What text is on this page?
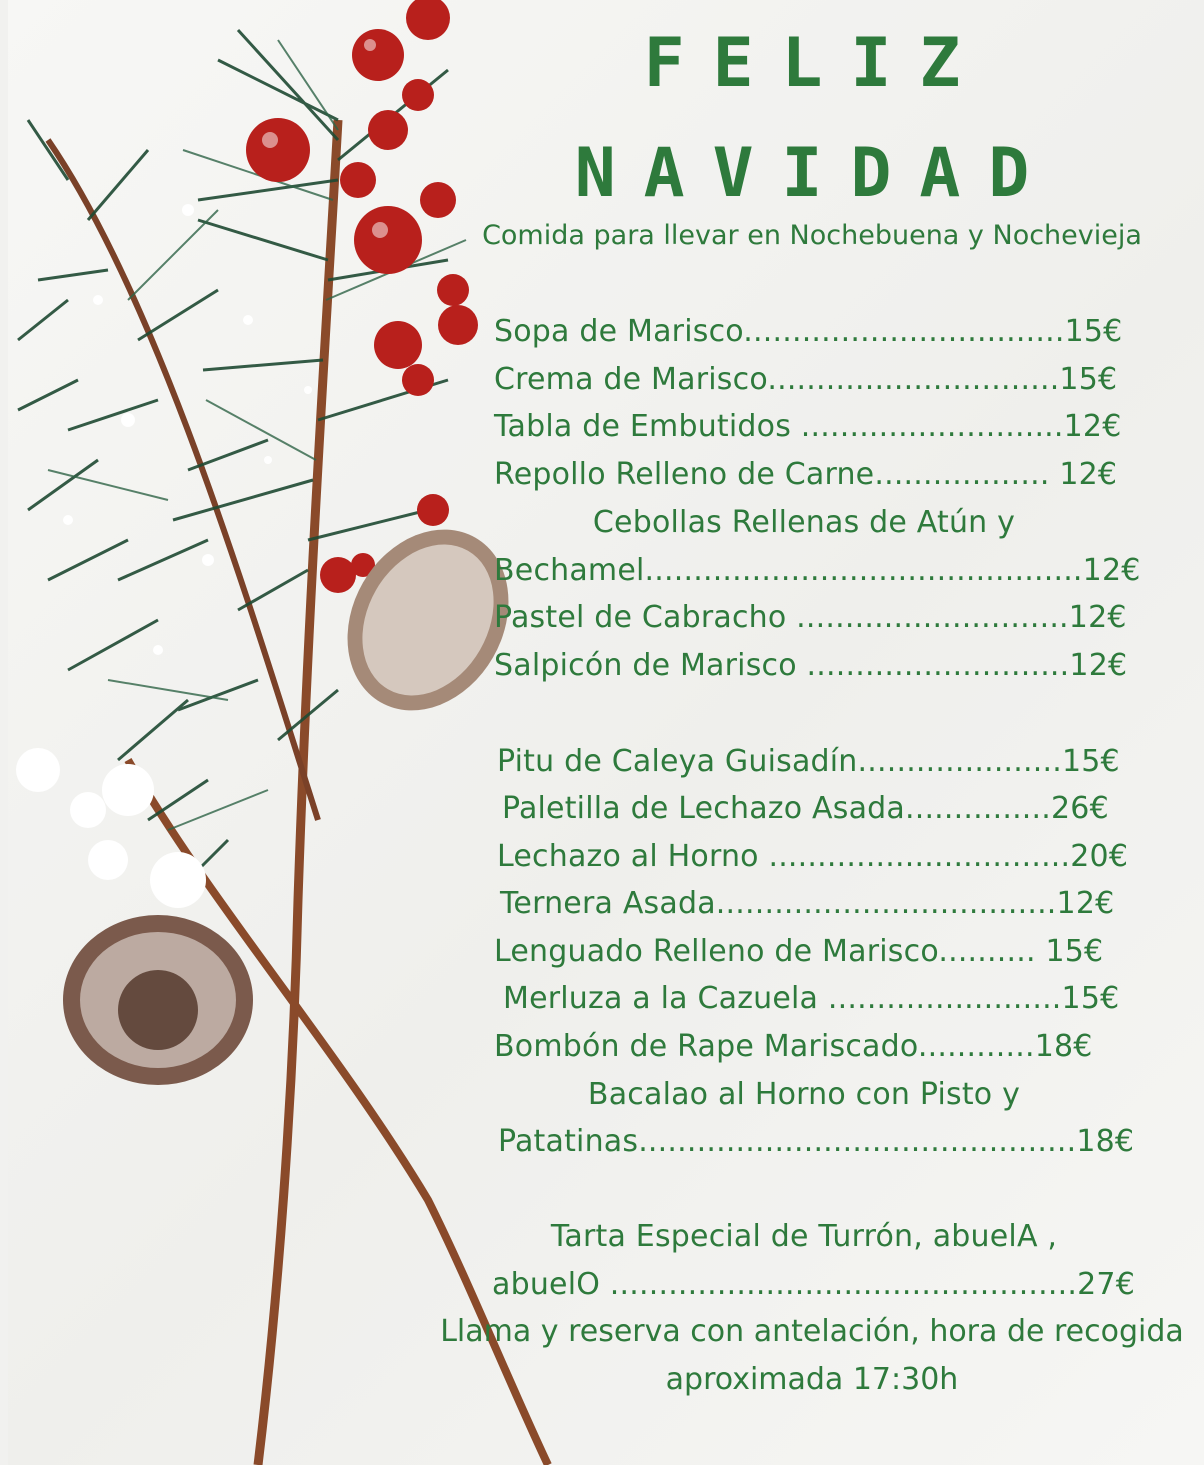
FELIZ
NAVIDAD
Comida para llevar en Nochebuena y Nochevieja
Sopa de Marisco.................................15€
Crema de Marisco..............................15€
Tabla de Embutidos ...........................12€
Repollo Relleno de Carne.................. 12€
Cebollas Rellenas de Atún y
Bechamel.............................................12€
Pastel de Cabracho ............................12€
Salpicón de Marisco ...........................12€
Pitu de Caleya Guisadín.....................15€
Paletilla de Lechazo Asada...............26€
Lechazo al Horno ...............................20€
Ternera Asada...................................12€
Lenguado Relleno de Marisco.......... 15€
Merluza a la Cazuela ........................15€
Bombón de Rape Mariscado............18€
Bacalao al Horno con Pisto y
Patatinas.............................................18€
Tarta Especial de Turrón, abuelA ,
abuelO ................................................27€
Llama y reserva con antelación, hora de recogida
aproximada 17:30h
